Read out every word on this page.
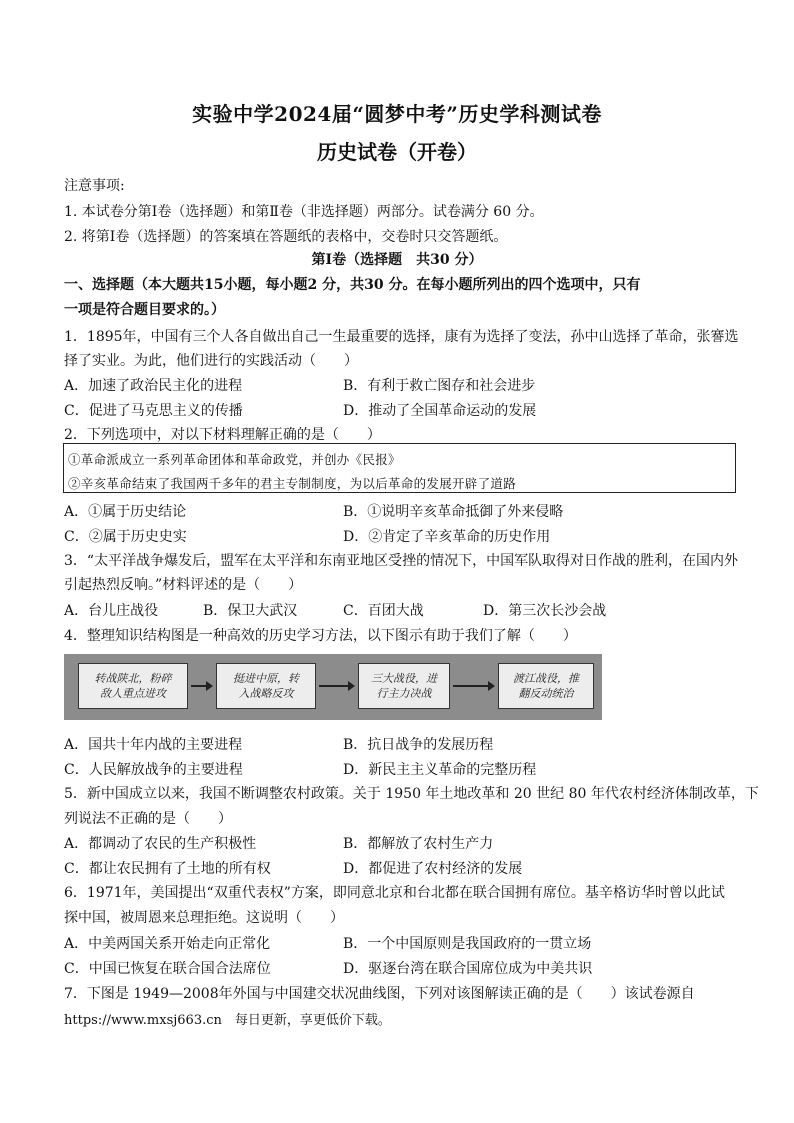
实验中学2024届“圆梦中考”历史学科测试卷
历史试卷（开卷）
注意事项:
1. 本试卷分第Ⅰ卷（选择题）和第Ⅱ卷（非选择题）两部分。试卷满分 60 分。
2. 将第Ⅰ卷（选择题）的答案填在答题纸的表格中，交卷时只交答题纸。
第Ⅰ卷（选择题　共30 分）
一、选择题（本大题共15小题，每小题2 分，共30 分。在每小题所列出的四个选项中，只有
一项是符合题目要求的。）
1．1895年，中国有三个人各自做出自己一生最重要的选择，康有为选择了变法，孙中山选择了革命，张謇选
择了实业。为此，他们进行的实践活动（　　）
A．加速了政治民主化的进程	B．有利于救亡图存和社会进步
C．促进了马克思主义的传播	D．推动了全国革命运动的发展
2．下列选项中，对以下材料理解正确的是（　　）
①革命派成立一系列革命团体和革命政党，并创办《民报》
②辛亥革命结束了我国两千多年的君主专制制度，为以后革命的发展开辟了道路
A．①属于历史结论	B．①说明辛亥革命抵御了外来侵略
C．②属于历史史实	D．②肯定了辛亥革命的历史作用
3．“太平洋战争爆发后，盟军在太平洋和东南亚地区受挫的情况下，中国军队取得对日作战的胜利，在国内外
引起热烈反响。”材料评述的是（　　）
A．台儿庄战役	B．保卫大武汉	C．百团大战	D．第三次长沙会战
4．整理知识结构图是一种高效的历史学习方法，以下图示有助于我们了解（　　）
转战陕北，粉碎
敌人重点进攻
挺进中原，转
入战略反攻
三大战役，进
行主力决战
渡江战役，推
翻反动统治
A．国共十年内战的主要进程	B．抗日战争的发展历程
C．人民解放战争的主要进程	D．新民主主义革命的完整历程
5．新中国成立以来，我国不断调整农村政策。关于 1950 年土地改革和 20 世纪 80 年代农村经济体制改革，下
列说法不正确的是（　　）
A．都调动了农民的生产积极性	B．都解放了农村生产力
C．都让农民拥有了土地的所有权	D．都促进了农村经济的发展
6．1971年，美国提出“双重代表权”方案，即同意北京和台北都在联合国拥有席位。基辛格访华时曾以此试
探中国，被周恩来总理拒绝。这说明（　　）
A．中美两国关系开始走向正常化	B．一个中国原则是我国政府的一贯立场
C．中国已恢复在联合国合法席位	D．驱逐台湾在联合国席位成为中美共识
7．下图是 1949—2008年外国与中国建交状况曲线图，下列对该图解读正确的是（　　）该试卷源自
https://www.mxsj663.cn　每日更新，享更低价下载。
